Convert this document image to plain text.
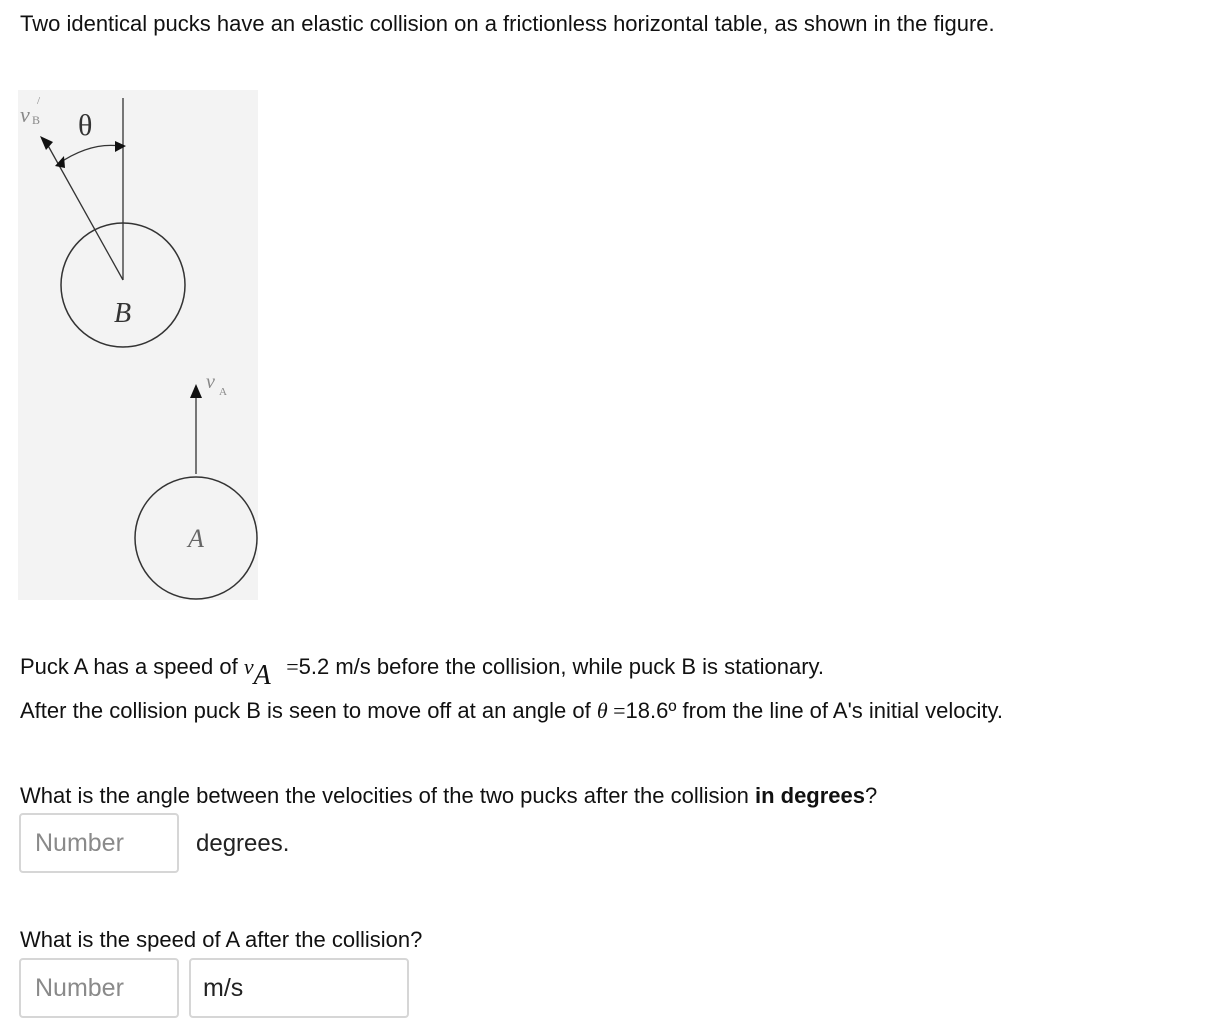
Two identical pucks have an elastic collision on a frictionless horizontal table, as shown in the figure.
v B
/
θ
B
v A
A
Puck A has a speed of vA =5.2 m/s before the collision, while puck B is stationary.
After the collision puck B is seen to move off at an angle of θ =18.6º from the line of A's initial velocity.
What is the angle between the velocities of the two pucks after the collision in degrees?
Number	degrees.
What is the speed of A after the collision?
Number	m/s
